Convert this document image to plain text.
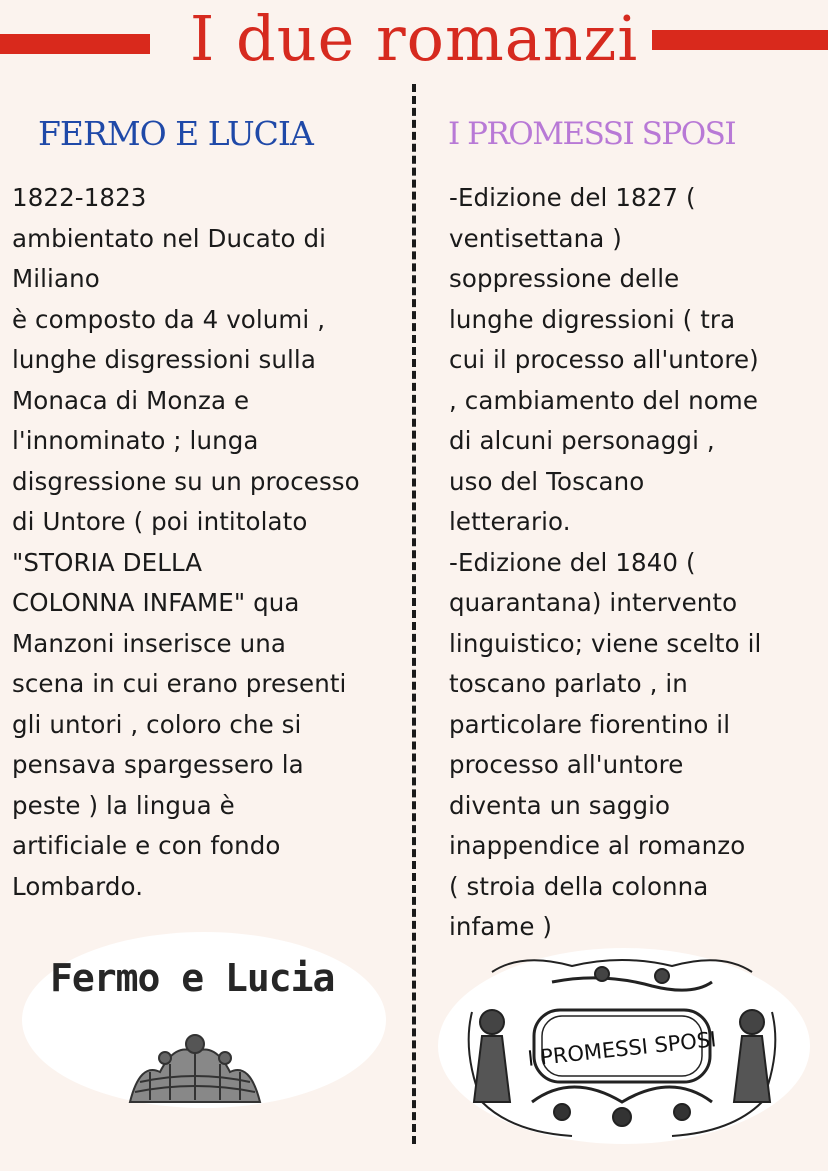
I due romanzi
FERMO E LUCIA	I PROMESSI SPOSI

1822-1823
ambientato nel Ducato di
Miliano
è composto da 4 volumi ,
lunghe disgressioni sulla
Monaca di Monza e
l'innominato ; lunga
disgressione su un processo
di Untore ( poi intitolato
"STORIA DELLA
COLONNA INFAME" qua
Manzoni inserisce una
scena in cui erano presenti
gli untori , coloro che si
pensava spargessero la
peste ) la lingua è
artificiale e con fondo
Lombardo.

-Edizione del 1827 (
ventisettana )
soppressione delle
lunghe digressioni ( tra
cui il processo all'untore)
, cambiamento del nome
di alcuni personaggi ,
uso del Toscano
letterario.
-Edizione del 1840 (
quarantana) intervento
linguistico; viene scelto il
toscano parlato , in
particolare fiorentino il
processo all'untore
diventa un saggio
inappendice al romanzo
( stroia della colonna
infame )

Fermo e Lucia
I PROMESSI SPOSI
